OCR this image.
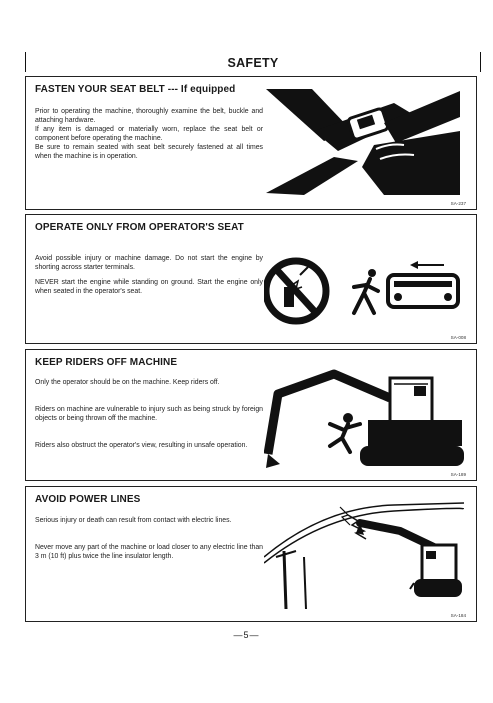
SAFETY
FASTEN YOUR SEAT BELT --- If equipped

Prior to operating the machine, thoroughly examine the belt, buckle and attaching hardware.

If any item is damaged or materially worn, replace the seat belt or component before operating the machine.

Be sure to remain seated with seat belt securely fastened at all times when the machine is in operation.

SA-237
OPERATE ONLY FROM OPERATOR'S SEAT

Avoid possible injury or machine damage. Do not start the engine by shorting across starter terminals.

NEVER start the engine while standing on ground. Start the engine only when seated in the operator's seat.

SA-008
KEEP RIDERS OFF MACHINE

Only the operator should be on the machine. Keep riders off.

Riders on machine are vulnerable to injury such as being struck by foreign objects or being thrown off the machine.

Riders also obstruct the operator's view, resulting in unsafe operation.

SA-189
AVOID POWER LINES

Serious injury or death can result from contact with electric lines.

Never move any part of the machine or load closer to any electric line than 3 m (10 ft) plus twice the line insulator length.

SA-184
—5—
